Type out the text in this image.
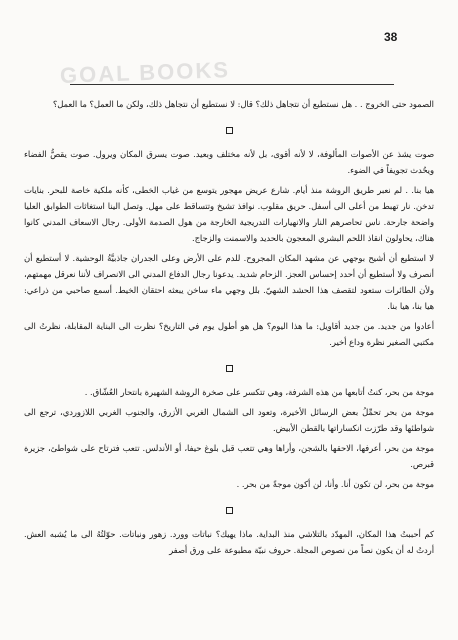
38
GOAL BOOKS

الصمود حتى الخروج . . هل نستطيع أن نتجاهل ذلك؟ قال: لا نستطيع أن نتجاهل ذلك، ولكن ما العمل؟ ما العمل؟

صوت يشذ عن الأصوات المألوفة، لا لأنه أقوى، بل لأنه مختلف وبعيد. صوت يسرق المكان ويرول. صوت يقصُّ الفضاء ويحُدث تجويفاً في الضوء.

هيا بنا. . لم نعبر طريق الروشة منذ أيام. شارع عريض مهجور يتوسع من غياب الخطى، كأنه ملكية خاصة للبحر. بنايات تدخن. نار تهبط من أعلى الى أسفل. حريق مقلوب. نوافذ تشيخ وتتساقط على مهل. وتصل الينا استغاثات الطوابق العليا واضحة جارحة. ناس تحاصرهم النار والانهيارات التدريجية الخارجة من هول الصدمة الأولى. رجال الاسعاف المدني كانوا هناك، يحاولون انقاذ اللحم البشري المعجون بالحديد والاسمنت والزجاج.

لا استطيع أن أشيح بوجهي عن مشهد المكان المجروح. للدم على الأرض وعلى الجدران جاذبيَّةُ الوحشية. لا أستطيع أن أنصرف ولا أستطيع أن أحدد إحساس العجز. الزحام شديد. يدعونا رجال الدفاع المدني الى الانصراف لأننا نعرقل مهمتهم، ولأن الطائرات ستعود لتقصف هذا الحشد الشهيّ. بلل وجهي ماء ساخن يبعثه احتقان الخيط. أسمع صاحبي من ذراعي: هيا بنا، هيا بنا.

أعادوا من جديد. من جديد أقاويل: ما هذا اليوم؟ هل هو أطول يوم في التاريخ؟ نظرت الى البناية المقابلة، نظرتُ الى مكتبي الصغير نظرة وداع أخير.

موجة من بحر، كنتُ أتابعها من هذه الشرفة، وهي تتكسر على صخرة الروشة الشهيرة بانتحار العُشّاق. .

موجة من بحر تحمِّلُ بعض الرسائل الأخيرة، وتعود الى الشمال الغربي الأزرق، والجنوب الغربي اللازوردي، ترجع الى شواطئها وقد طرّزت انكساراتها بالقطن الأبيض.

موجة من بحر، أعرفها، الاحقها بالشجن، وأراها وهي تتعب قبل بلوغ حيفا، أو الأندلس. تتعب فترتاح على شواطئ، جزيرة قبرص.

موجة من بحر، لن تكون أنا. وأنا، لن أكون موجةً من بحر. .

كم أحببتُ هذا المكان، المهدّد بالتلاشي منذ البداية. ماذا يهيك؟ نباتات وورد. زهور ونباتات. حوّلتُهُ الى ما يُشبه العش. أردتُ له أن يكون نصاً من نصوص المجلة. حروف نبيّة مطبوعة على ورق أصفر
